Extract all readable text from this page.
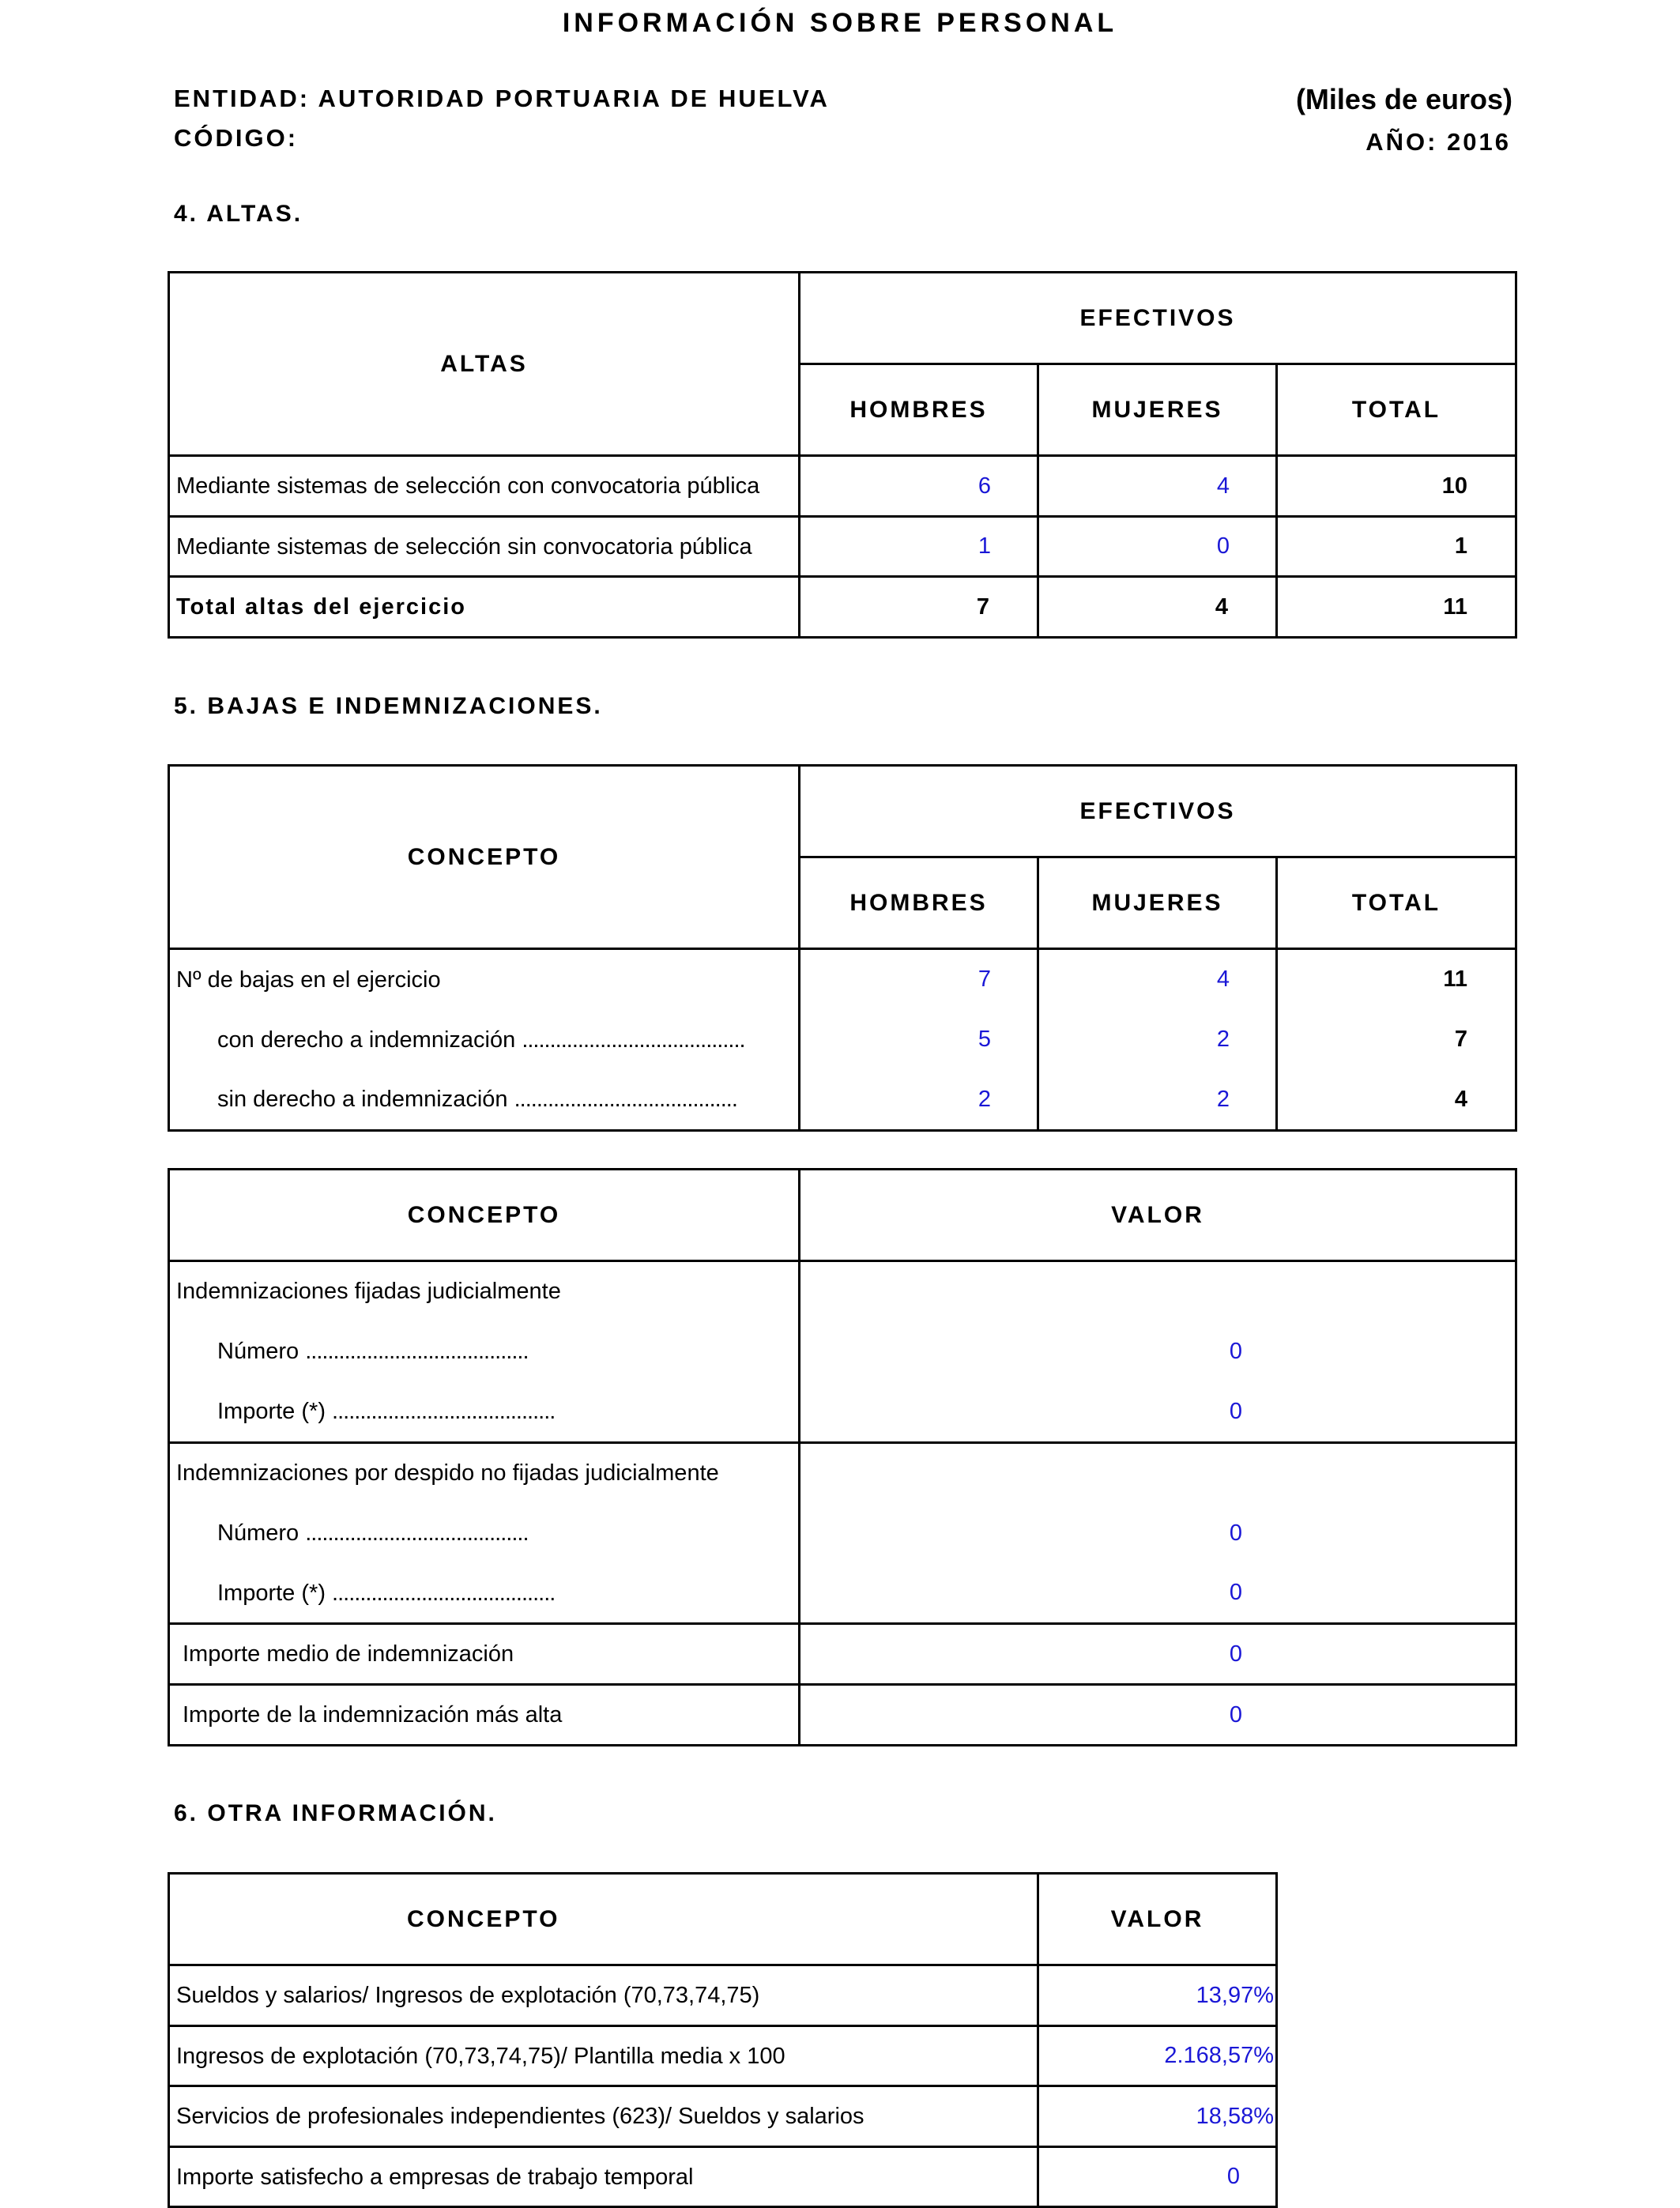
INFORMACIÓN SOBRE PERSONAL
ENTIDAD: AUTORIDAD PORTUARIA DE HUELVA
CÓDIGO:
(Miles de euros)
AÑO: 2016
4. ALTAS.
ALTAS	EFECTIVOS		
	HOMBRES	MUJERES	TOTAL
Mediante sistemas de selección con convocatoria pública	6	4	10
Mediante sistemas de selección sin convocatoria pública	1	0	1
Total altas del ejercicio	7	4	11
5. BAJAS E INDEMNIZACIONES.
CONCEPTO	EFECTIVOS		
	HOMBRES	MUJERES	TOTAL
Nº de bajas en el ejercicio	7	4	11
con derecho a indemnización ........................................	5	2	7
sin derecho a indemnización ........................................	2	2	4
CONCEPTO	VALOR
Indemnizaciones fijadas judicialmente	
Número ........................................	0
Importe (*) ........................................	0
Indemnizaciones por despido no fijadas judicialmente	
Número ........................................	0
Importe (*) ........................................	0
Importe medio de indemnización	0
Importe de la indemnización más alta	0
6. OTRA INFORMACIÓN.
CONCEPTO	VALOR
Sueldos y salarios/ Ingresos de explotación (70,73,74,75)	13,97%
Ingresos de explotación (70,73,74,75)/ Plantilla media x 100	2.168,57%
Servicios de profesionales independientes (623)/ Sueldos y salarios	18,58%
Importe satisfecho a empresas de trabajo temporal	0
